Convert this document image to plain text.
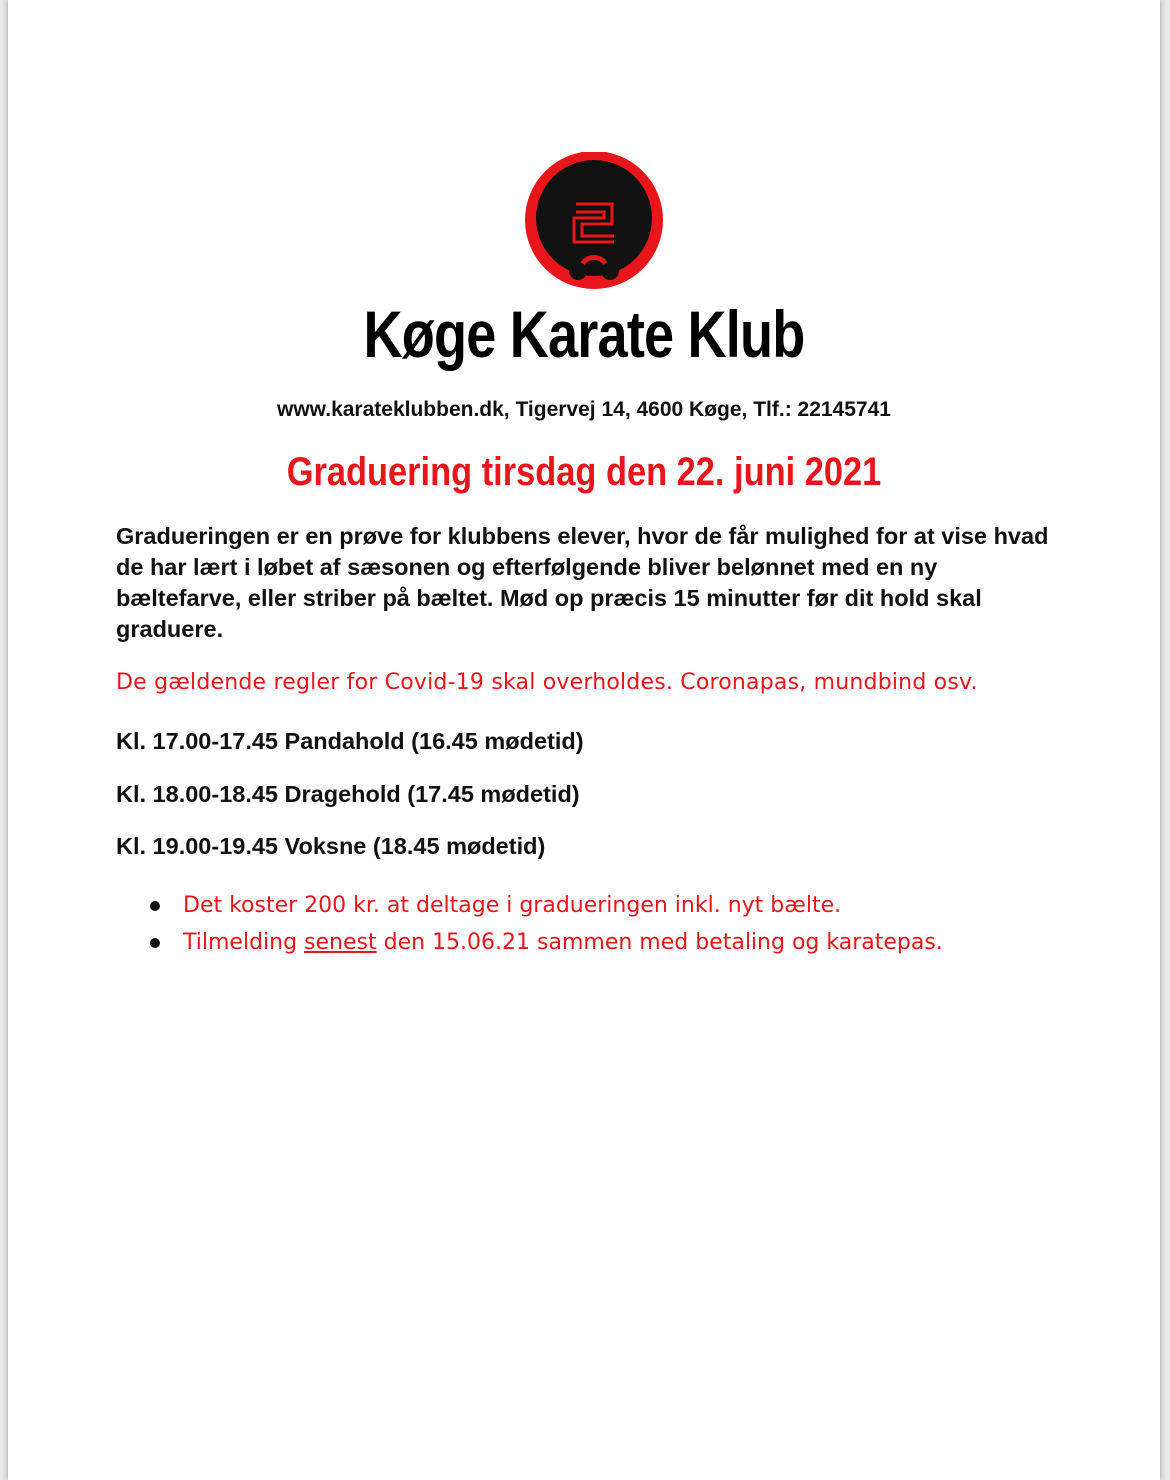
Køge Karate Klub
www.karateklubben.dk, Tigervej 14, 4600 Køge, Tlf.: 22145741
Graduering tirsdag den 22. juni 2021
Gradueringen er en prøve for klubbens elever, hvor de får mulighed for at vise hvad de har lært i løbet af sæsonen og efterfølgende bliver belønnet med en ny bæltefarve, eller striber på bæltet. Mød op præcis 15 minutter før dit hold skal graduere.
De gældende regler for Covid-19 skal overholdes. Coronapas, mundbind osv.
Kl. 17.00-17.45 Pandahold (16.45 mødetid)
Kl. 18.00-18.45 Dragehold (17.45 mødetid)
Kl. 19.00-19.45 Voksne (18.45 mødetid)
Det koster 200 kr. at deltage i gradueringen inkl. nyt bælte.
Tilmelding senest den 15.06.21 sammen med betaling og karatepas.
